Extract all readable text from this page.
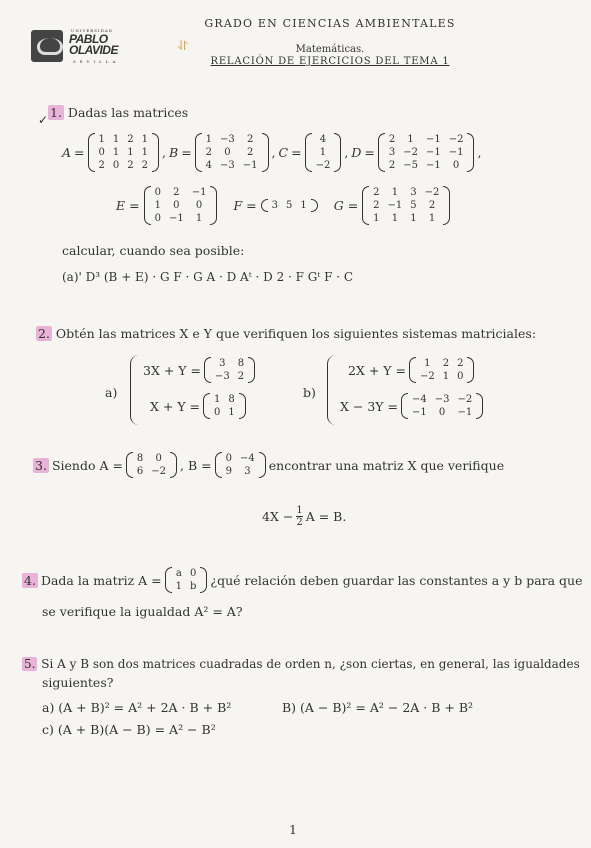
UNIVERSIDAD
PABLO
OLAVIDE
SEVILLA
⥯
GRADO EN CIENCIAS AMBIENTALES
Matemáticas.
RELACIÓN DE EJERCICIOS DEL TEMA 1
✓ 1. Dadas las matrices
A =
1	1	2	1
0	1	1	1
2	0	2	2
, B =
1	−3	2
2	0	2
4	−3	−1
, C =
4
1
−2
, D =
2	1	−1	−2
3	−2	−1	−1
2	−5	−1	0
,
E =
0	2	−1
1	0	0
0	−1	1

F = 3	5	1
G =
2	1	3	−2
2	−1	5	2
1	1	1	1
calcular, cuando sea posible:
(a)' D³ (B + E) · G F · G A · D Aᵗ · D 2 · F Gᵗ F · C
2. Obtén las matrices X e Y que verifiquen los siguientes sistemas matriciales:
a)
3X + Y = 3	8
−3	2
X + Y = 1	8
0	1
b)
2X + Y = 1	2	2
−2	1	0
X − 3Y = −4	−3	−2
−1	0	−1
3. Siendo A = 8	0
6	−2 , B = 0	−4
9	3 encontrar una matriz X que verifique
$4X - \frac{1}{2}$ A = B.
4. Dada la matriz A = a	0
1	b ¿qué relación deben guardar las constantes a y b para que
se verifique la igualdad A² = A?
5. Si A y B son dos matrices cuadradas de orden n, ¿son ciertas, en general, las igualdades
siguientes?
a) (A + B)² = A² + 2A · B + B²	B) (A − B)² = A² − 2A · B + B²
c) (A + B)(A − B) = A² − B²
1
